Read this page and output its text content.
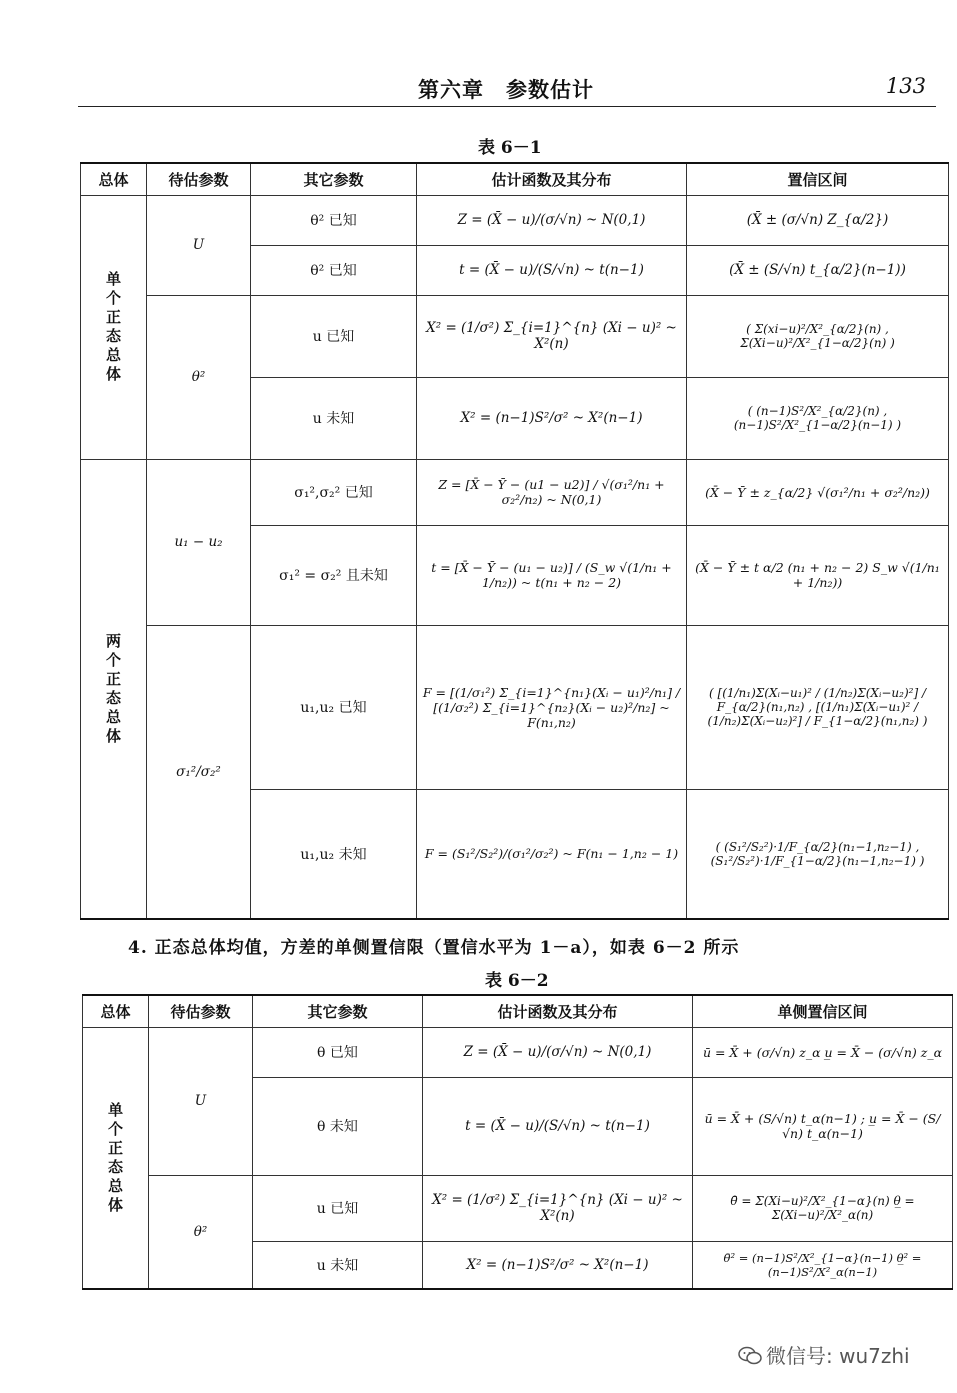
第六章　参数估计	133
表 6－1
总体	待估参数	其它参数	估计函数及其分布	置信区间
单个正态总体	U	θ² 已知	Z = (X̄ − u)/(σ/√n) ~ N(0,1)	(X̄ ± (σ/√n) Z_{α/2})
		θ² 已知	t = (X̄ − u)/(S/√n) ~ t(n−1)	(X̄ ± (S/√n) t_{α/2}(n−1))
	θ²	u 已知	X² = (1/σ²) Σ_{i=1}^{n} (Xi − u)² ~ X²(n)	( Σ(xi−u)²/X²_{α/2}(n) , Σ(Xi−u)²/X²_{1−α/2}(n) )
		u 未知	X² = (n−1)S²/σ² ~ X²(n−1)	( (n−1)S²/X²_{α/2}(n) , (n−1)S²/X²_{1−α/2}(n−1) )
两个正态总体	u₁ − u₂	σ₁²,σ₂² 已知	Z = [X̄ − Ȳ − (u1 − u2)] / √(σ₁²/n₁ + σ₂²/n₂) ~ N(0,1)	(X̄ − Ȳ ± z_{α/2} √(σ₁²/n₁ + σ₂²/n₂))
		σ₁² = σ₂² 且未知	t = [X̄ − Ȳ − (u₁ − u₂)] / (S_w √(1/n₁ + 1/n₂)) ~ t(n₁ + n₂ − 2)	(X̄ − Ȳ ± t α/2 (n₁ + n₂ − 2) S_w √(1/n₁ + 1/n₂))
	σ₁²/σ₂²	u₁,u₂ 已知	F = [(1/σ₁²) Σ_{i=1}^{n₁}(Xᵢ − u₁)²/n₁] / [(1/σ₂²) Σ_{i=1}^{n₂}(Xᵢ − u₂)²/n₂] ~ F(n₁,n₂)	( [(1/n₁)Σ(Xᵢ−u₁)² / (1/n₂)Σ(Xᵢ−u₂)²] / F_{α/2}(n₁,n₂) , [(1/n₁)Σ(Xᵢ−u₁)² / (1/n₂)Σ(Xᵢ−u₂)²] / F_{1−α/2}(n₁,n₂) )
		u₁,u₂ 未知	F = (S₁²/S₂²)/(σ₁²/σ₂²) ~ F(n₁ − 1,n₂ − 1)	( (S₁²/S₂²)·1/F_{α/2}(n₁−1,n₂−1) , (S₁²/S₂²)·1/F_{1−α/2}(n₁−1,n₂−1) )
4. 正态总体均值，方差的单侧置信限（置信水平为 1－a），如表 6－2 所示
表 6－2
总体	待估参数	其它参数	估计函数及其分布	单侧置信区间
单个正态总体	U	θ 已知	Z = (X̄ − u)/(σ/√n) ~ N(0,1)	ū = X̄ + (σ/√n) z_α u̲ = X̄ − (σ/√n) z_α
		θ 未知	t = (X̄ − u)/(S/√n) ~ t(n−1)	ū = X̄ + (S/√n) t_α(n−1) ; u̲ = X̄ − (S/√n) t_α(n−1)
	θ²	u 已知	X² = (1/σ²) Σ_{i=1}^{n} (Xi − u)² ~ X²(n)	θ̄ = Σ(Xi−u)²/X²_{1−α}(n) θ̲ = Σ(Xi−u)²/X²_α(n)
		u 未知	X² = (n−1)S²/σ² ~ X²(n−1)	θ̄² = (n−1)S²/X²_{1−α}(n−1) θ̲² = (n−1)S²/X²_α(n−1)
微信号: wu7zhi
